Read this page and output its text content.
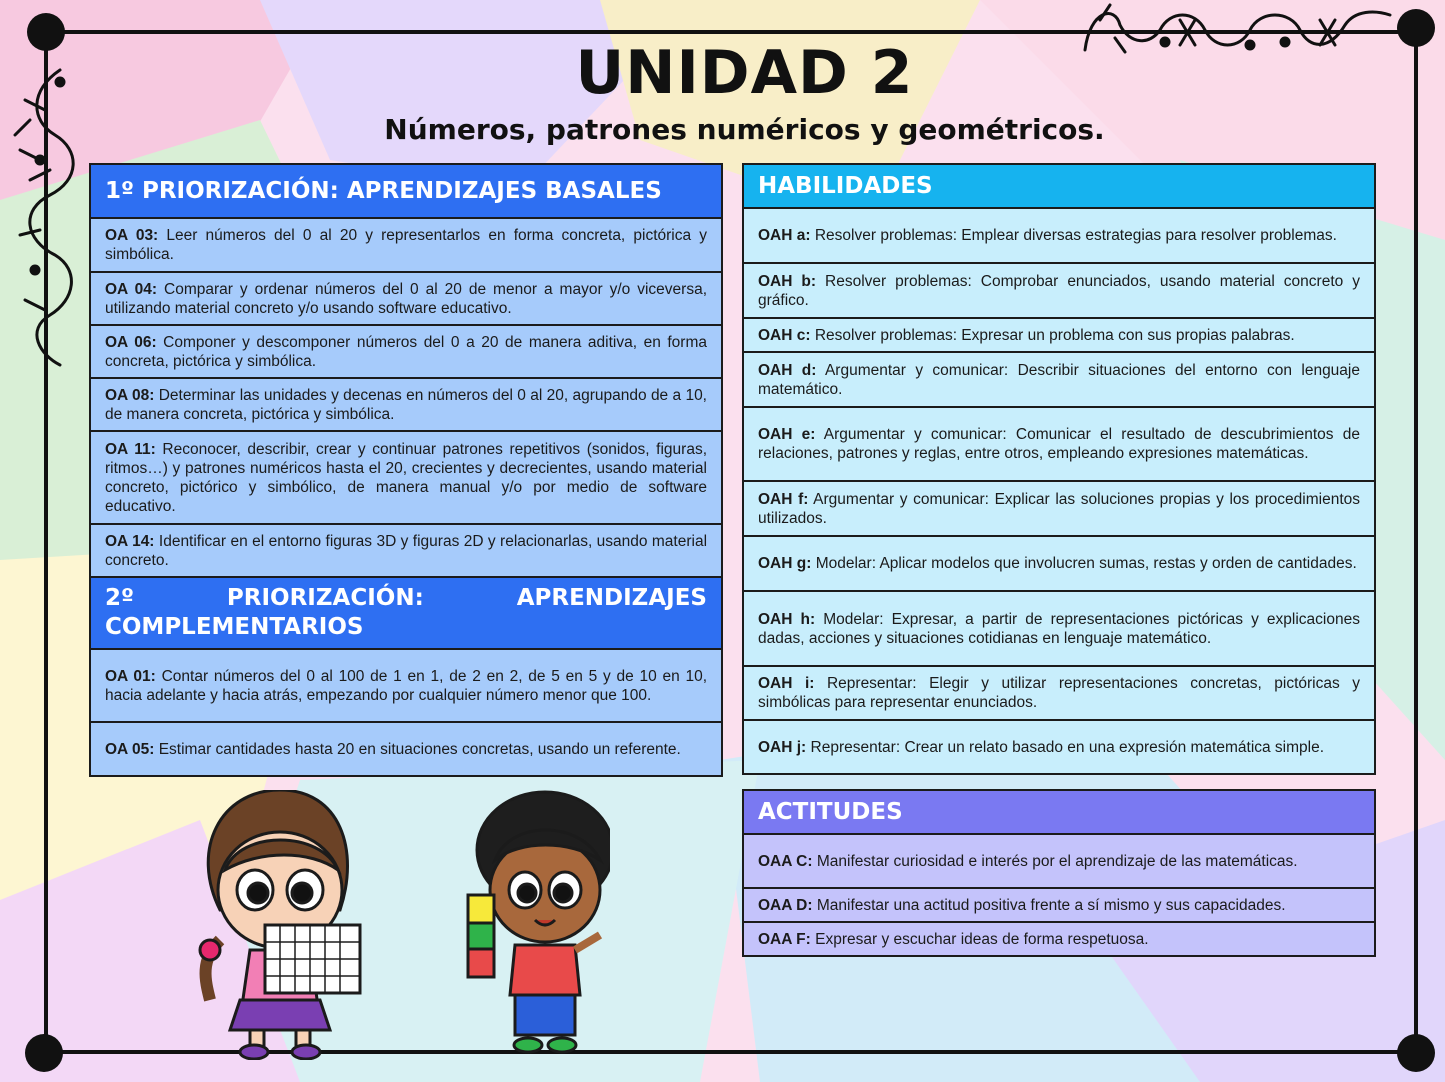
UNIDAD 2
Números, patrones numéricos y geométricos.
1º PRIORIZACIÓN: APRENDIZAJES BASALES
OA 03: Leer números del 0 al 20 y representarlos en forma concreta, pictórica y simbólica.
OA 04: Comparar y ordenar números del 0 al 20 de menor a mayor y/o viceversa, utilizando material concreto y/o usando software educativo.
OA 06: Componer y descomponer números del 0 a 20 de manera aditiva, en forma concreta, pictórica y simbólica.
OA 08: Determinar las unidades y decenas en números del 0 al 20, agrupando de a 10, de manera concreta, pictórica y simbólica.
OA 11: Reconocer, describir, crear y continuar patrones repetitivos (sonidos, figuras, ritmos…) y patrones numéricos hasta el 20, crecientes y decrecientes, usando material concreto, pictórico y simbólico, de manera manual y/o por medio de software educativo.
OA 14: Identificar en el entorno figuras 3D y figuras 2D y relacionarlas, usando material concreto.
2º PRIORIZACIÓN: APRENDIZAJES
COMPLEMENTARIOS
OA 01: Contar números del 0 al 100 de 1 en 1, de 2 en 2, de 5 en 5 y de 10 en 10, hacia adelante y hacia atrás, empezando por cualquier número menor que 100.
OA 05: Estimar cantidades hasta 20 en situaciones concretas, usando un referente.
HABILIDADES
OAH a: Resolver problemas: Emplear diversas estrategias para resolver problemas.
OAH b: Resolver problemas: Comprobar enunciados, usando material concreto y gráfico.
OAH c: Resolver problemas: Expresar un problema con sus propias palabras.
OAH d: Argumentar y comunicar: Describir situaciones del entorno con lenguaje matemático.
OAH e: Argumentar y comunicar: Comunicar el resultado de descubrimientos de relaciones, patrones y reglas, entre otros, empleando expresiones matemáticas.
OAH f: Argumentar y comunicar: Explicar las soluciones propias y los procedimientos utilizados.
OAH g: Modelar: Aplicar modelos que involucren sumas, restas y orden de cantidades.
OAH h: Modelar: Expresar, a partir de representaciones pictóricas y explicaciones dadas, acciones y situaciones cotidianas en lenguaje matemático.
OAH i: Representar: Elegir y utilizar representaciones concretas, pictóricas y simbólicas para representar enunciados.
OAH j: Representar: Crear un relato basado en una expresión matemática simple.
ACTITUDES
OAA C: Manifestar curiosidad e interés por el aprendizaje de las matemáticas.
OAA D: Manifestar una actitud positiva frente a sí mismo y sus capacidades.
OAA F: Expresar y escuchar ideas de forma respetuosa.
